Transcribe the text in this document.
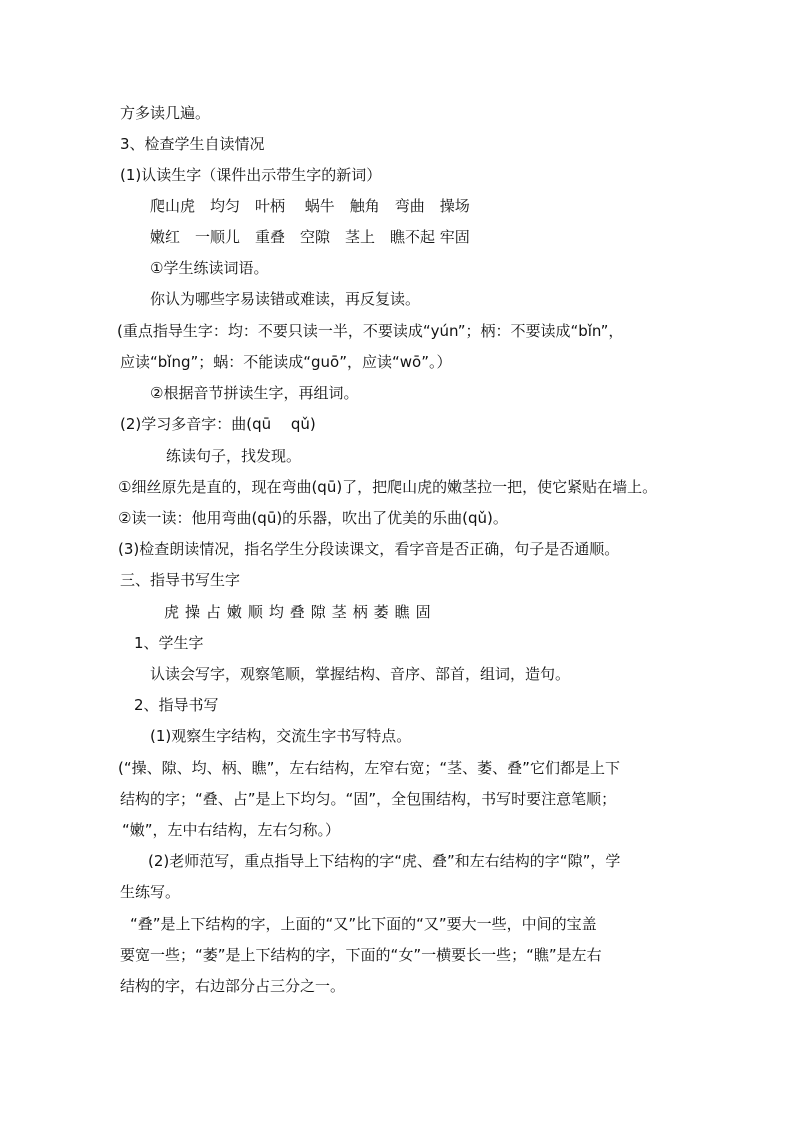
方多读几遍。
3、检查学生自读情况
(1)认读生字（课件出示带生字的新词）
爬山虎　均匀　叶柄　 蜗牛　触角　弯曲　操场
嫩红　一顺儿　重叠　空隙　茎上　瞧不起 牢固
①学生练读词语。
你认为哪些字易读错或难读，再反复读。
(重点指导生字：均：不要只读一半，不要读成“yún”；柄：不要读成“bǐn”，
应读“bǐng”；蜗：不能读成“guō”，应读“wō”。）
②根据音节拼读生字，再组词。
(2)学习多音字：曲(qū　 qǔ)
练读句子，找发现。
①细丝原先是直的，现在弯曲(qū)了，把爬山虎的嫩茎拉一把，使它紧贴在墙上。
②读一读：他用弯曲(qū)的乐器，吹出了优美的乐曲(qǔ)。
(3)检查朗读情况，指名学生分段读课文，看字音是否正确，句子是否通顺。
三、指导书写生字
虎 操 占 嫩 顺 均 叠 隙 茎 柄 萎 瞧 固
1、学生字
认读会写字，观察笔顺，掌握结构、音序、部首，组词，造句。
2、指导书写
(1)观察生字结构，交流生字书写特点。
(“操、隙、均、柄、瞧”，左右结构，左窄右宽；“茎、萎、叠”它们都是上下
结构的字；“叠、占”是上下均匀。“固”，全包围结构，书写时要注意笔顺；
“嫩”，左中右结构，左右匀称。）
(2)老师范写，重点指导上下结构的字“虎、叠”和左右结构的字“隙”，学
生练写。
“叠”是上下结构的字，上面的“又”比下面的“又”要大一些，中间的宝盖
要宽一些；“萎”是上下结构的字，下面的“女”一横要长一些；“瞧”是左右
结构的字，右边部分占三分之一。
